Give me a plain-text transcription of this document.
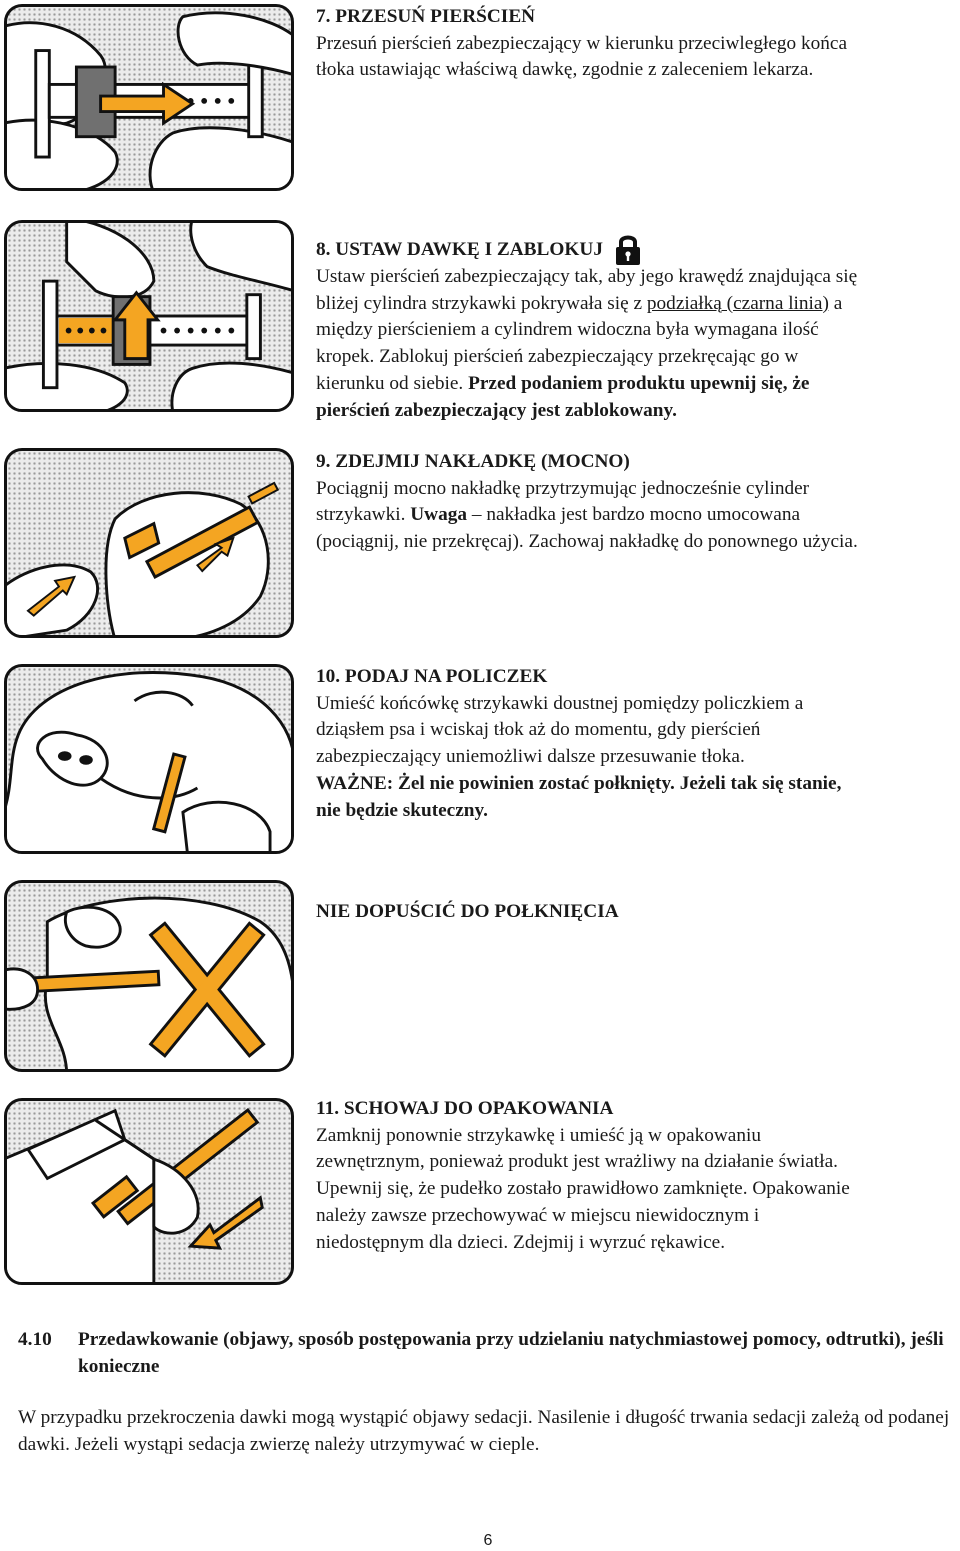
7. PRZESUŃ PIERŚCIEŃ

Przesuń pierścień zabezpieczający w kierunku przeciwległego końca

tłoka ustawiając właściwą dawkę, zgodnie z zaleceniem lekarza.

8. USTAW DAWKĘ I ZABLOKUJ

Ustaw pierścień zabezpieczający tak, aby jego krawędź znajdująca się

bliżej cylindra strzykawki pokrywała się z podziałką (czarna linia) a

między pierścieniem a cylindrem widoczna była wymagana ilość

kropek. Zablokuj pierścień zabezpieczający przekręcając go w

kierunku od siebie. Przed podaniem produktu upewnij się, że

pierścień zabezpieczający jest zablokowany.

9. ZDEJMIJ NAKŁADKĘ (MOCNO)

Pociągnij mocno nakładkę przytrzymując jednocześnie cylinder

strzykawki. Uwaga – nakładka jest bardzo mocno umocowana

(pociągnij, nie przekręcaj). Zachowaj nakładkę do ponownego użycia.

10. PODAJ NA POLICZEK

Umieść końcówkę strzykawki doustnej pomiędzy policzkiem a

dziąsłem psa i wciskaj tłok aż do momentu, gdy pierścień

zabezpieczający uniemożliwi dalsze przesuwanie tłoka.

WAŻNE: Żel nie powinien zostać połknięty. Jeżeli tak się stanie,

nie będzie skuteczny.

NIE DOPUŚCIĆ DO POŁKNIĘCIA

11. SCHOWAJ DO OPAKOWANIA

Zamknij ponownie strzykawkę i umieść ją w opakowaniu

zewnętrznym, ponieważ produkt jest wrażliwy na działanie światła.

Upewnij się, że pudełko zostało prawidłowo zamknięte. Opakowanie

należy zawsze przechowywać w miejscu niewidocznym i

niedostępnym dla dzieci. Zdejmij i wyrzuć rękawice.

4.10 Przedawkowanie (objawy, sposób postępowania przy udzielaniu natychmiastowej pomocy, odtrutki), jeśli konieczne

W przypadku przekroczenia dawki mogą wystąpić objawy sedacji. Nasilenie i długość trwania sedacji zależą od podanej dawki. Jeżeli wystąpi sedacja zwierzę należy utrzymywać w cieple.

6
